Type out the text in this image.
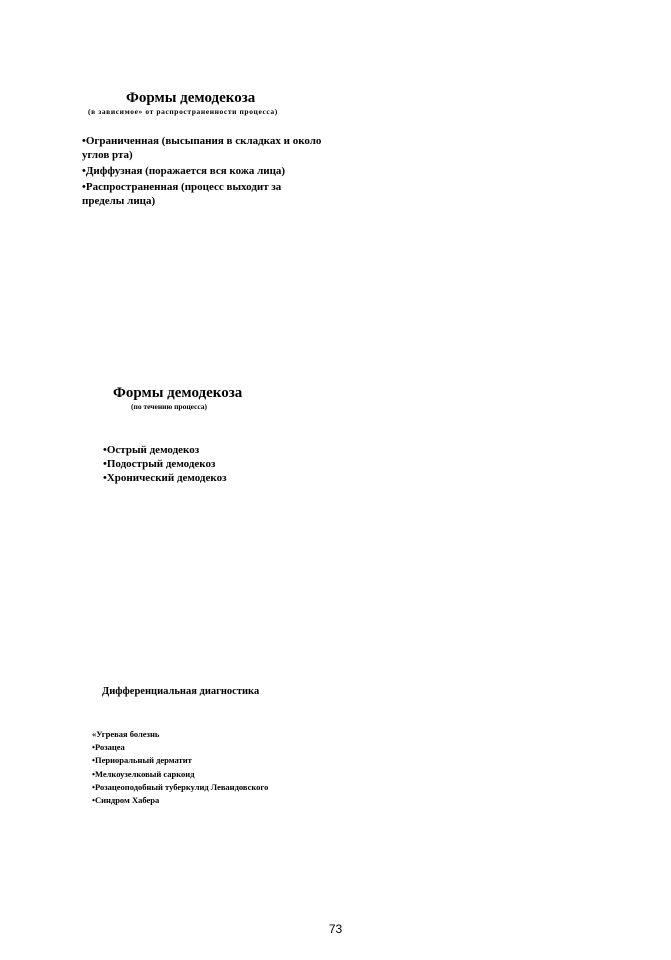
Формы демодекоза
(в зависимое» от распространенности процесса)
•Ограниченная (высыпания в складках и около углов рта)
•Диффузная (поражается вся кожа лица)
•Распространенная (процесс выходит за пределы лица)
Формы демодекоза
(по течению процесса)
•Острый демодекоз
•Подострый демодекоз
•Хронический демодекоз
Дифференциальная диагностика
«Угревая болезнь
•Розацеа
•Периоральный дерматит
•Мелкоузелковый саркоид
•Розацеоподобный туберкулид Левандовского
•Синдром Хабера
73
